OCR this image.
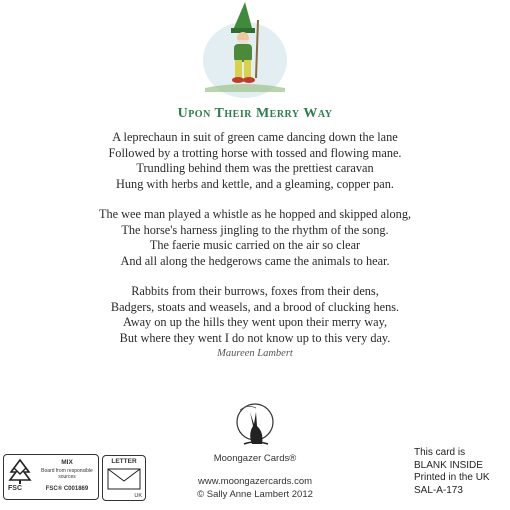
Upon Their Merry Way
A leprechaun in suit of green came dancing down the lane
Followed by a trotting horse with tossed and flowing mane.
Trundling behind them was the prettiest caravan
Hung with herbs and kettle, and a gleaming, copper pan.
The wee man played a whistle as he hopped and skipped along,
The horse's harness jingling to the rhythm of the song.
The faerie music carried on the air so clear
And all along the hedgerows came the animals to hear.
Rabbits from their burrows, foxes from their dens,
Badgers, stoats and weasels, and a brood of clucking hens.
Away on up the hills they went upon their merry way,
But where they went I do not know up to this very day.
Maureen Lambert
Moongazer Cards®
www.moongazercards.com
© Sally Anne Lambert 2012
FSC
MIX
Board from responsible sources
FSC® C001869
LETTER
UK
This card is
BLANK INSIDE
Printed in the UK
SAL-A-173
